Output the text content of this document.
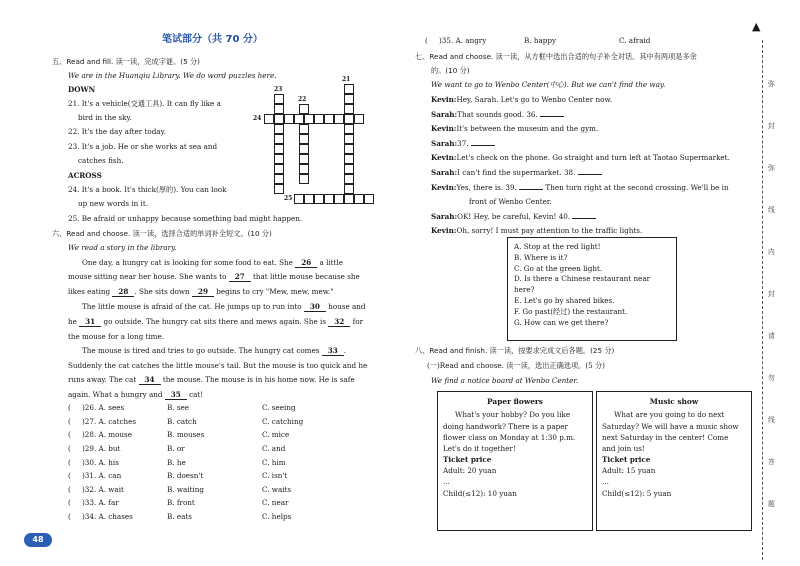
笔试部分（共 70 分）
五、Read and fill. 读一读，完成字谜。(5 分)
We are in the Huanqiu Library. We do word puzzles here.
DOWN
21. It's a vehicle(交通工具). It can fly like a
bird in the sky.
22. It's the day after today.
23. It's a job. He or she works at sea and
catches fish.
ACROSS
24. It's a book. It's thick(厚的). You can look
up new words in it.
25. Be afraid or unhappy because something bad might happen.
23
22
21
24
25
六、Read and choose. 读一读，选择合适的单词补全短文。(10 分)
We read a story in the library.
One day, a hungry cat is looking for some food to eat. She 26 a little
mouse sitting near her house. She wants to 27 that little mouse because she
likes eating 28 . She sits down 29 begins to cry "Mew, mew, mew."
The little mouse is afraid of the cat. He jumps up to run into 30 house and
he 31 go outside. The hungry cat sits there and mews again. She is 32 for
the mouse for a long time.
The mouse is tired and tries to go outside. The hungry cat comes 33 .
Suddenly the cat catches the little mouse's tail. But the mouse is too quick and he
runs away. The cat 34 the mouse. The mouse is in his home now. He is safe
again. What a hungry and 35 cat!
(	)26. A. sees	B. see	C. seeing
(	)27. A. catches	B. catch	C. catching
(	)28. A. mouse	B. mouses	C. mice
(	)29. A. but	B. or	C. and
(	)30. A. his	B. he	C. him
(	)31. A. can	B. doesn't	C. isn't
(	)32. A. wait	B. waiting	C. waits
(	)33. A. far	B. front	C. near
(	)34. A. chases	B. eats	C. helps
48
(	)35. A. angry	B. happy	C. afraid
七、Read and choose. 读一读，从方框中选出合适的句子补全对话。其中有两项是多余
的。(10 分)
We want to go to Wenbo Center(中心). But we can't find the way.
Kevin:Hey, Sarah. Let's go to Wenbo Center now.
Sarah:That sounds good. 36.
Kevin:It's between the museum and the gym.
Sarah:37.
Kevin:Let's check on the phone. Go straight and turn left at Taotao Supermarket.
Sarah:I can't find the supermarket. 38.
Kevin:Yes, there is. 39.	Then turn right at the second crossing. We'll be in
front of Wenbo Center.
Sarah:OK! Hey, be careful, Kevin! 40.
Kevin:Oh, sorry! I must pay attention to the traffic lights.
A. Stop at the red light!
B. Where is it?
C. Go at the green light.
D. Is there a Chinese restaurant near here?
E. Let's go by shared bikes.
F. Go past(经过) the restaurant.
G. How can we get there?
八、Read and finish. 读一读，按要求完成文后各题。(25 分)
(一)Read and choose. 读一读，选出正确选项。(5 分)
We find a notice board at Wenbo Center.
Paper flowers
What's your hobby? Do you like
doing handwork? There is a paper
flower class on Monday at 1:30 p.m.
Let's do it together!
Ticket price
Adult: 20 yuan
...
Child(≤12): 10 yuan
Music show
What are you going to do next
Saturday? We will have a music show
next Saturday in the center! Come
and join us!
Ticket price
Adult: 15 yuan
...
Child(≤12): 5 yuan
▲
弥
封
弥
线
内
封
请
勿
线
答
题
